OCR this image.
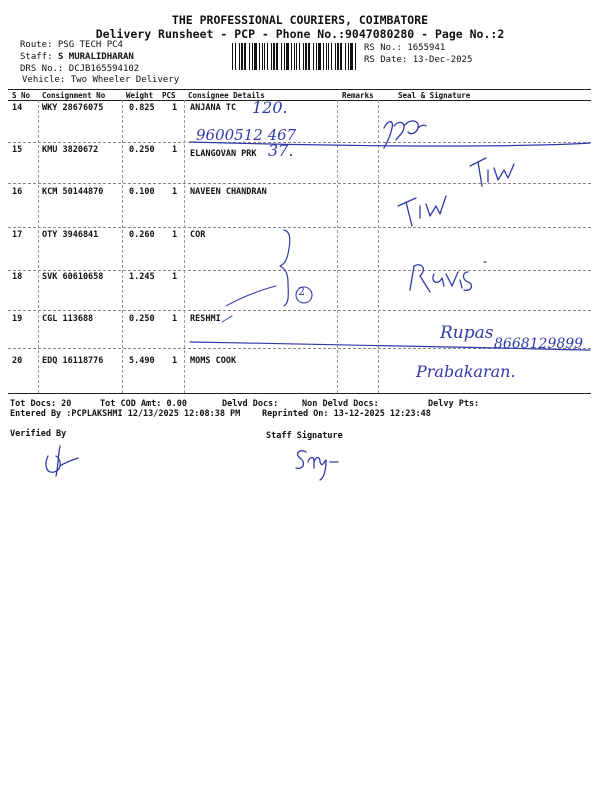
THE PROFESSIONAL COURIERS, COIMBATORE
Delivery Runsheet - PCP - Phone No.:9047080280 - Page No.:2
Route: PSG TECH PC4
Staff: S MURALIDHARAN
DRS No.: DCJB165594102
Vehicle: Two Wheeler Delivery
RS No.: 1655941
RS Date: 13-Dec-2025
S No Consignment No	Weight PCS Consignee Details	Remarks	Seal & Signature
14 WKY 28676075	0.825 1 ANJANA TC
15 KMU 3820672	0.250 1 ELANGOVAN PRK
16 KCM 50144870	0.100 1 NAVEEN CHANDRAN
17 OTY 3946841	0.260 1 COR
18 SVK 60610658	1.245 1
19 CGL 113688	0.250 1 RESHMI
20 EDQ 16118776	5.490 1 MOMS COOK
120.
9600512 467
37.
2
Rupas
8668129899
Prabakaran.
Tot Docs: 20	Tot COD Amt: 0.00	Delvd Docs:	Non Delvd Docs:	Delvy Pts:
Entered By :PCPLAKSHMI 12/13/2025 12:08:38 PM	Reprinted On: 13-12-2025 12:23:48
Verified By	Staff Signature
